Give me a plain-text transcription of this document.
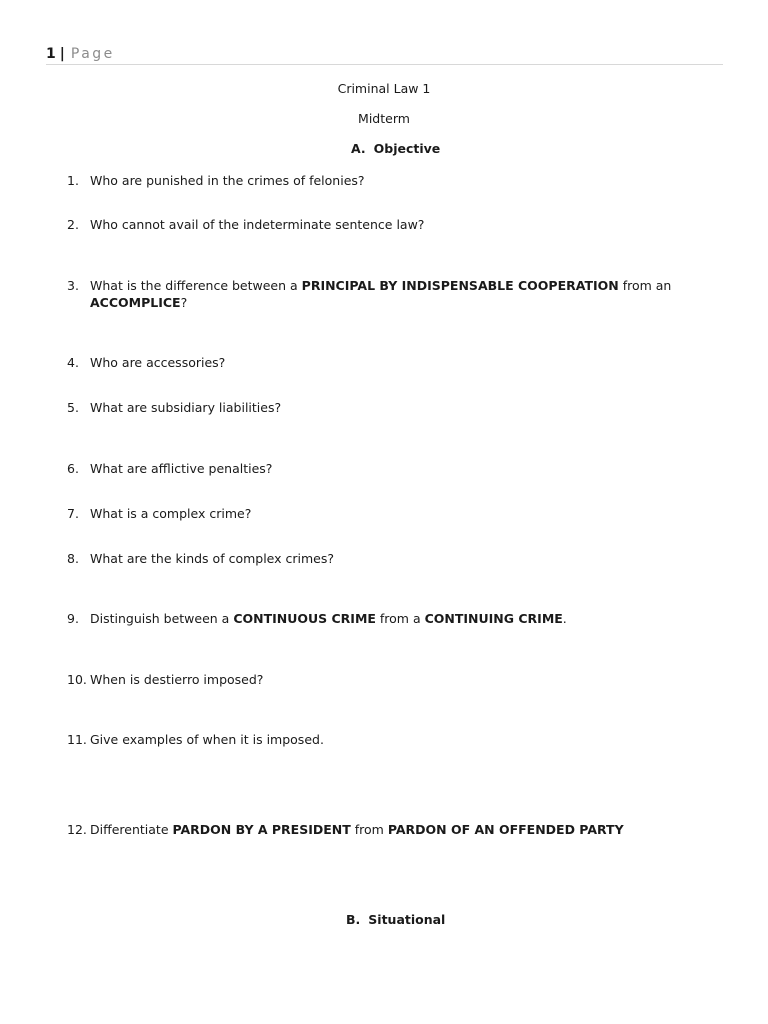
1 | Page
Criminal Law 1
Midterm
A. Objective
1. Who are punished in the crimes of felonies?
2. Who cannot avail of the indeterminate sentence law?
3. What is the difference between a PRINCIPAL BY INDISPENSABLE COOPERATION from an ACCOMPLICE?
4. Who are accessories?
5. What are subsidiary liabilities?
6. What are afflictive penalties?
7. What is a complex crime?
8. What are the kinds of complex crimes?
9. Distinguish between a CONTINUOUS CRIME from a CONTINUING CRIME.
10. When is destierro imposed?
11. Give examples of when it is imposed.
12. Differentiate PARDON BY A PRESIDENT from PARDON OF AN OFFENDED PARTY
B. Situational
